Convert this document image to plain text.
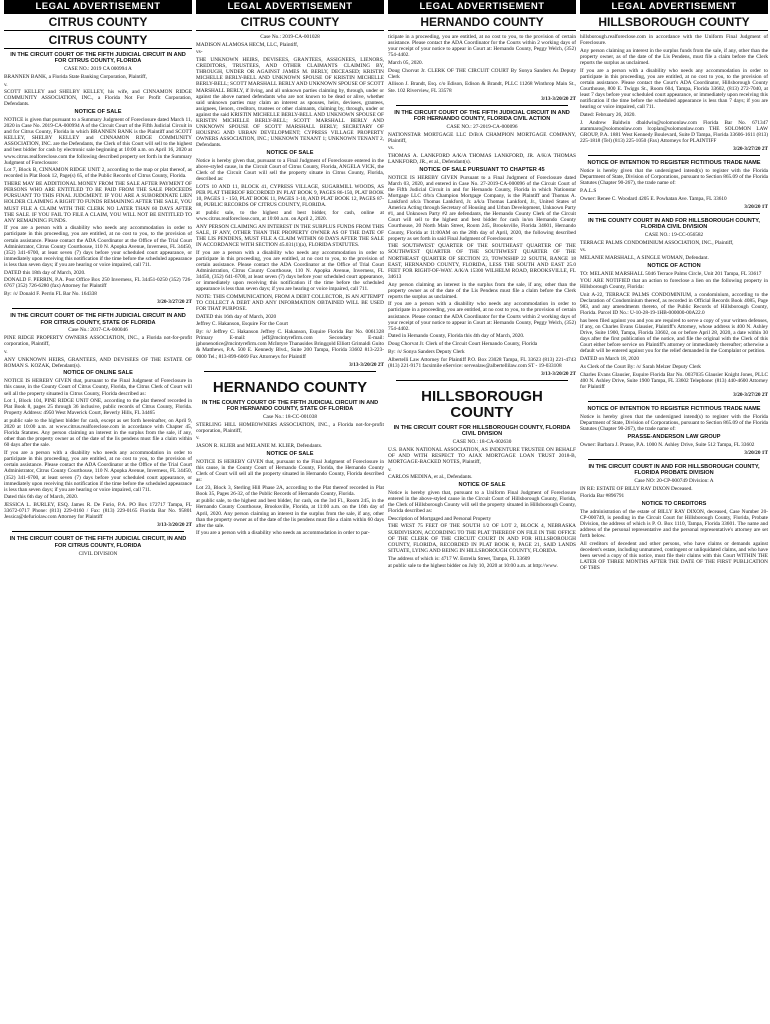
LEGAL ADVERTISEMENT
CITRUS COUNTY
CITRUS COUNTY

IN THE CIRCUIT COURT OF THE FIFTH JUDICIAL CIRCUIT IN AND FOR CITRUS COUNTY, FLORIDA

CASE NO.: 2019 CA 000994 A

BRANNEN BANK, a Florida State Banking Corporation, Plaintiff,

v.

SCOTT KELLEY and SHELBY KELLEY, his wife, and CINNAMON RIDGE COMMUNITY ASSOCIATION, INC., a Florida Not For Profit Corporation, Defendants.

NOTICE OF SALE

NOTICE is given that pursuant to a Summary Judgment of Foreclosure dated March 11, 2020 in Case No. 2019-CA-000994 A of the Circuit Court of the Fifth Judicial Circuit in and for Citrus County, Florida in which BRANNEN BANK is the Plaintiff and SCOTT KELLEY, SHELBY KELLEY and CINNAMON RIDGE COMMUNITY ASSOCIATION, INC. are the Defendants, the Clerk of this Court will sell to the highest and best bidder for cash by electronic sale beginning at 10:00 a.m. on April 16, 2020 at www.citrus.realforeclose.com the following described property set forth in the Summary Judgment of Foreclosure:

Lot 7, Block B, CINNAMON RIDGE UNIT 2, according to the map or plat thereof, as recorded in Plat Book 12, Page(s) 65, of the Public Records of Citrus County, Florida.

THERE MAY BE ADDITIONAL MONEY FROM THE SALE AFTER PAYMENT OF PERSONS WHO ARE ENTITLED TO BE PAID FROM THE SALE PROCEEDS PURSUANT TO THIS FINAL JUDGMENT. IF YOU ARE A SUBORDINATE LIEN HOLDER CLAIMING A RIGHT TO FUNDS REMAINING AFTER THE SALE, YOU MUST FILE A CLAIM WITH THE CLERK NO LATER THAN 60 DAYS AFTER THE SALE. IF YOU FAIL TO FILE A CLAIM, YOU WILL NOT BE ENTITLED TO ANY REMAINING FUNDS.

If you are a person with a disability who needs any accommodation in order to participate in this proceeding, you are entitled, at no cost to you, to the provision of certain assistance. Please contact the ADA Coordinator at the Office of the Trial Court Administrator, Citrus County Courthouse, 110 N. Apopka Avenue, Inverness, FL 34450, (352) 341-6700, at least seven (7) days before your scheduled court appearance, or immediately upon receiving this notification if the time before the scheduled appearance is less than seven days; if you are hearing or voice impaired, call 711.

DATED this 18th day of March, 2020.

DONALD F. PERRIN, P.A. Post Office Box 250 Inverness, FL 34451-0250 (352) 726-6767 (352) 726-6280 (fax) Attorney for Plaintiff

By: /s/ Donald F. Perrin FL Bar No. 164338

3/20-3/27/20 2T

IN THE CIRCUIT COURT OF THE FIFTH JUDICIAL CIRCUIT IN AND FOR CITRUS COUNTY, STATE OF FLORIDA

Case No.: 2017-CA-000046

PINE RIDGE PROPERTY OWNERS ASSOCIATION, INC., a Florida not-for-profit corporation, Plaintiff,

v.

ANY UNKNOWN HEIRS, GRANTEES, AND DEVISEES OF THE ESTATE OF ROMAN S. KOZAK, Defendant(s).

NOTICE OF ONLINE SALE

NOTICE IS HEREBY GIVEN that, pursuant to the Final Judgment of Foreclosure in this cause, in the County Court of Citrus County, Florida, the Citrus Clerk of Court will sell all the property situated in Citrus County, Florida described as:

Lot 1, Block 104, PINE RIDGE UNIT ONE, according to the plat thereof recorded in Plat Book 8, pages 25 through 36 inclusive, public records of Citrus County, Florida. Property Address: 4950 West Maverick Court, Beverly Hills, FL 34465

at public sale to the highest bidder for cash, except as set forth hereinafter, on April 9, 2020 at 10:00 a.m. at www.citrus.realforeclose.com in accordance with Chapter 45, Florida Statutes. Any person claiming an interest in the surplus from the sale, if any, other than the property owner as of the date of the lis pendens must file a claim within 60 days after the sale.

If you are a person with a disability who needs any accommodation in order to participate in this proceeding, you are entitled, at no cost to you, to the provision of certain assistance. Please contact the ADA Coordinator at the Office of the Trial Court Administrator, Citrus County Courthouse, 110 N. Apopka Avenue, Inverness, FL 34450, (352) 341-6700, at least seven (7) days before your scheduled court appearance, or immediately upon receiving this notification if the time before the scheduled appearance is less than seven days; if you are hearing or voice impaired, call 711.

Dated this 6th day of March, 2020.

JESSICA L. BURLEY, ESQ. James R. De Furio, P.A. PO Box 172717 Tampa, FL 33672-0717 Phone: (813) 229-0160 / Fax: (813) 229-0165 Florida Bar No. 95801 Jessica@defuriolaw.com Attorney for Plaintiff

3/13-3/20/20 2T

IN THE CIRCUIT COURT OF THE FIFTH JUDICIAL CIRCUIT, IN AND FOR CITRUS COUNTY, FLORIDA

CIVIL DIVISION

LEGAL ADVERTISEMENT
CITRUS COUNTY

Case No.: 2019-CA-001028

MADISON ALAMOSA HECM, LLC, Plaintiff,

vs-

THE UNKNOWN HEIRS, DEVISEES, GRANTEES, ASSIGNEES, LIENORS, CREDITORS, TRUSTEES, AND OTHER CLAIMANTS CLAIMING BY, THROUGH, UNDER OR AGAINST JAMES M. BERLY, DECEASED; KRISTIN MICHELLE BERLY-BELL AND UNKNOWN SPOUSE OF KRISTIN MICHELLE BERLY-BELL; SCOTT MARSHALL BERLY AND UNKNOWN SPOUSE OF SCOTT MARSHALL BERLY, if living, and all unknown parties claiming by, through, under or against the above named defendants who are not known to be dead or alive, whether said unknown parties may claim an interest as spouses, heirs, devisees, grantees, assignees, lienors, creditors, trustees or other claimants, claiming by, through, under or against the said KRISTIN MICHELLE BERLY-BELL AND UNKNOWN SPOUSE OF KRISTIN MICHELLE BERLY-BELL; SCOTT MARSHALL BERLY AND UNKNOWN SPOUSE OF SCOTT MARSHALL BERLY; SECRETARY OF HOUSING AND URBAN DEVELOPMENT; CYPRESS VILLAGE PROPERTY OWNERS ASSOCIATION, INC.; UNKNOWN TENANT 1; UNKNOWN TENANT 2, Defendants.

NOTICE OF SALE

Notice is hereby given that, pursuant to a Final Judgment of Foreclosure entered in the above-styled cause, in the Circuit Court of Citrus County, Florida, ANGELA VICK, the Clerk of the Circuit Court will sell the property situate in Citrus County, Florida, described as:

LOTS 10 AND 11, BLOCK 41, CYPRESS VILLAGE, SUGARMILL WOODS, AS PER PLAT THEREOF RECORDED IN PLAT BOOK 9, PAGES 86-150, PLAT BOOK 10, PAGES 1 - 150, PLAT BOOK 11, PAGES 1-10, AND PLAT BOOK 12, PAGES 87-88, PUBLIC RECORDS OF CITRUS COUNTY, FLORIDA.

at public sale, to the highest and best bidder, for cash, online at www.citrus.realforeclose.com, at 10:00 a.m. on April 2, 2020.

ANY PERSON CLAIMING AN INTEREST IN THE SURPLUS FUNDS FROM THIS SALE, IF ANY, OTHER THAN THE PROPERTY OWNER AS OF THE DATE OF THE LIS PENDENS, MUST FILE A CLAIM WITHIN 60 DAYS AFTER THE SALE IN ACCORDANCE WITH SECTION 45.031(1)(a), FLORIDA STATUTES.

If you are a person with a disability who needs any accommodation in order to participate in this proceeding, you are entitled, at no cost to you, to the provision of certain assistance. Please contact the ADA Coordinator at the Office of Trial Court Administration, Citrus County Courthouse, 110 N. Apopka Avenue, Inverness, FL 34450, (352) 641-6700, at least seven (7) days before your scheduled court appearance, or immediately upon receiving this notification if the time before the scheduled appearance is less than seven days; if you are hearing or voice impaired, call 711.

NOTE: THIS COMMUNICATION, FROM A DEBT COLLECTOR, IS AN ATTEMPT TO COLLECT A DEBT AND ANY INFORMATION OBTAINED WILL BE USED FOR THAT PURPOSE.

DATED this 16th day of March, 2020

Jeffrey C. Hakanson, Esquire For the Court

By: /s/ Jeffrey C. Hakanson Jeffrey C. Hakanson, Esquire Florida Bar No. 0061328 Primary E-mail: jeff@mcintyrefirm.com Secondary E-mail: jphonenotice@mcintyrefirm.com McIntyre Thanasides Bringgold Elliott Grimaldi Guito & Matthews, P.A. 500 E. Kennedy Blvd., Suite 200 Tampa, Florida 33602 813-223-0000 Tel.; 813-899-6069 Fax Attorneys for Plaintiff

3/13-3/20/20 2T

HERNANDO COUNTY

IN THE COUNTY COURT OF THE FIFTH JUDICIAL CIRCUIT IN AND FOR HERNANDO COUNTY, STATE OF FLORIDA

Case No.: 18-CC-001038

STERLING HILL HOMEOWNERS ASSOCIATION, INC., a Florida not-for-profit corporation, Plaintiff,

v.

JASON R. KLIER and MELANIE M. KLIER, Defendants.

NOTICE OF SALE

NOTICE IS HEREBY GIVEN that, pursuant to the Final Judgment of Foreclosure in this cause, in the County Court of Hernando County, Florida, the Hernando County Clerk of Court will sell all the property situated in Hernando County, Florida described as:

Lot 23, Block 3, Sterling Hill Phase 2A, according to the Plat thereof recorded in Plat Book 35, Pages 26-32, of the Public Records of Hernando County, Florida.

at public sale, to the highest and best bidder, for cash, on the 3rd Fl., Room 245, in the Hernando County Courthouse, Brooksville, Florida, at 11:00 a.m. on the 16th day of April, 2020. Any person claiming an interest in the surplus from the sale, if any, other than the property owner as of the date of the lis pendens must file a claim within 60 days after the sale.

If you are a person with a disability who needs an accommodation in order to par-

LEGAL ADVERTISEMENT
HERNANDO COUNTY

ticipate in a proceeding, you are entitled, at no cost to you, to the provision of certain assistance. Please contact the ADA Coordinator for the Courts within 2 working days of your receipt of your notice to appear in Court at: Hernando County, Peggy Welch, (352) 754-4402.

March 05, 2020.

Doug Chorvat Jr. CLERK OF THE CIRCUIT COURT By Sonya Sanders As Deputy Clerk

Allison J. Brandt, Esq. c/o Edison, Edison & Brandt, PLLC 11268 Winthrop Main St., Ste. 102 Riverview, FL 33578

3/13-3/20/20 2T

IN THE CIRCUIT COURT OF THE FIFTH JUDICIAL CIRCUIT IN AND FOR HERNANDO COUNTY, FLORIDA CIVIL ACTION

CASE NO.: 27-2019-CA-000096

NATIONSTAR MORTGAGE LLC D/B/A CHAMPION MORTGAGE COMPANY, Plaintiff,

vs.

THOMAS A. LANKFORD A/K/A THOMAS LANKFORD, JR. A/K/A THOMAS LANKFORD, JR., et al., Defendant(s).

NOTICE OF SALE PURSUANT TO CHAPTER 45

NOTICE IS HEREBY GIVEN Pursuant to a Final Judgment of Foreclosure dated March 03, 2020, and entered in Case No. 27-2019-CA-000096 of the Circuit Court of the Fifth Judicial Circuit in and for Hernando County, Florida in which Nationstar Mortgage LLC d/b/a Champion Mortgage Company, is the Plaintiff and Thomas A. Lankford a/k/a Thomas Lankford, Jr. a/k/a Thomas Lankford, Jr., United States of America Acting through Secretary of Housing and Urban Development, Unknown Party #1, and Unknown Party #2 are defendants, the Hernando County Clerk of the Circuit Court will sell to the highest and best bidder for cash in/on Hernando County Courthouse, 20 North Main Street, Room 245, Brooksville, Florida 34601, Hernando County, Florida at 11:00AM on the 28th day of April, 2020, the following described property as set forth in said Final Judgment of Foreclosure:

THE SOUTHWEST QUARTER OF THE SOUTHEAST QUARTER OF THE SOUTHWEST QUARTER OF THE SOUTHWEST QUARTER OF THE NORTHEAST QUARTER OF SECTION 23, TOWNSHIP 22 SOUTH, RANGE 18 EAST, HERNANDO COUNTY, FLORIDA, LESS THE SOUTH AND EAST 25.0 FEET FOR RIGHT-OF-WAY. A/K/A 15300 WILHELM ROAD, BROOKSVILLE, FL 34613

Any person claiming an interest in the surplus from the sale, if any, other than the property owner as of the date of the Lis Pendens must file a claim before the Clerk reports the surplus as unclaimed.

If you are a person with a disability who needs any accommodation in order to participate in a proceeding, you are entitled, at no cost to you, to the provision of certain assistance. Please contact the ADA Coordinator for the Courts within 2 working days of your receipt of your notice to appear in Court at: Hernando County, Peggy Welch, (352) 754-4402.

Dated in Hernando County, Florida this 4th day of March, 2020.

Doug Chorvat Jr. Clerk of the Circuit Court Hernando County, Florida

By: /s/ Sonya Sanders Deputy Clerk

Albertelli Law Attorney for Plaintiff P.O. Box 23028 Tampa, FL 33623 (813) 221-4743 (813) 221-9171 facsimile eService: servealaw@albertellilaw.com ST - 19-033108

3/13-3/20/20 2T

HILLSBOROUGH COUNTY

IN THE CIRCUIT COURT FOR HILLSBOROUGH COUNTY, FLORIDA CIVIL DIVISION

CASE NO.: 18-CA-002630

U.S. BANK NATIONAL ASSOCIATION, AS INDENTURE TRUSTEE ON BEHALF OF AND WITH RESPECT TO AJAX MORTGAGE LOAN TRUST 2018-B, MORTGAGE-BACKED NOTES, Plaintiff,

v.

CARLOS MEDINA, et al., Defendants.

NOTICE OF SALE

Notice is hereby given that, pursuant to a Uniform Final Judgment of Foreclosure entered in the above-styled cause in the Circuit Court of Hillsborough County, Florida, the Clerk of Hillsborough County will sell the property situated in Hillsborough County, Florida described as:

Description of Mortgaged and Personal Property

THE WEST 75 FEET OF THE SOUTH 1/2 OF LOT 2, BLOCK 4, NEBRASKA SUBDIVISION, ACCORDING TO THE PLAT THEREOF ON FILE IN THE OFFICE OF THE CLERK OF THE CIRCUIT COURT IN AND FOR HILLSBOROUGH COUNTY, FLORIDA, RECORDED IN PLAT BOOK 8, PAGE 21, SAID LANDS SITUATE, LYING AND BEING IN HILLSBOROUGH COUNTY, FLORIDA.

The address of which is: 4717 W. Estrella Street, Tampa, FL 33609

at public sale to the highest bidder on July 10, 2020 at 10:00 a.m. at http://www.

LEGAL ADVERTISEMENT
HILLSBOROUGH COUNTY

hillsborough.realforeclose.com in accordance with the Uniform Final Judgment of Foreclosure.

Any person claiming an interest in the surplus funds from the sale, if any, other than the property owner, as of the date of the Lis Pendens, must file a claim before the Clerk reports the surplus as unclaimed.

If you are a person with a disability who needs any accommodation in order to participate in this proceeding, you are entitled, at no cost to you, to the provision of certain assistance. Please contact the Court's ADA Coordinator, Hillsborough County Courthouse, 800 E. Twiggs St., Room 604, Tampa, Florida 33602, (813) 272-7040, at least 7 days before your scheduled court appearance, or immediately upon receiving this notification if the time before the scheduled appearance is less than 7 days; if you are hearing or voice impaired, call 711.

Dated: February 26, 2020.

J. Andrew Baldwin dbaldwin@solomonlaw.com Florida Bar No. 671347 atammaro@solomonlaw.com lcoplan@solomonlaw.com THE SOLOMON LAW GROUP, P.A. 1881 West Kennedy Boulevard, Suite D Tampa, Florida 33606-1611 (813) 225-1818 (Tel) (813) 225-1050 (Fax) Attorneys for PLAINTIFF

3/20-3/27/20 2T

NOTICE OF INTENTION TO REGISTER FICTITIOUS TRADE NAME

Notice is hereby given that the undersigned intend(s) to register with the Florida Department of State, Division of Corporations, pursuant to Section 865.09 of the Florida Statutes (Chapter 90-267), the trade name of:

P.A.L.S

Owner: Renee C. Woodard 4205 E. Powhatan Ave. Tampa, FL 33610

3/20/20 1T

IN THE COUNTY COURT IN AND FOR HILLSBOROUGH COUNTY, FLORIDA CIVIL DIVISION

CASE NO.: 19-CC-056582

TERRACE PALMS CONDOMINIUM ASSOCIATION, INC., Plaintiff,

vs.

MELANIE MARSHALL, A SINGLE WOMAN, Defendant.

NOTICE OF ACTION

TO: MELANIE MARSHALL 5046 Terrace Palms Circle, Unit 201 Tampa, FL 33617

YOU ARE NOTIFIED that an action to foreclose a lien on the following property in Hillsborough County, Florida:

Unit A-22, TERRACE PALMS CONDOMINIUM, a condominium, according to the Declaration of Condominium thereof, as recorded in Official Records Book 4085, Page 983, and any amendments thereto, of the Public Records of Hillsborough County, Florida. Parcel ID No.: U-10-28-19-1HB-000000-00A22.0

has been filed against you and you are required to serve a copy of your written defenses, if any, on Charles Evans Glausier, Plaintiff's Attorney, whose address is 400 N. Ashley Drive, Suite 1900, Tampa, Florida 33602, on or before April 28, 2020, a date within 30 days after the first publication of the notice, and file the original with the Clerk of this Court either before service on Plaintiff's attorney or immediately thereafter; otherwise a default will be entered against you for the relief demanded in the Complaint or petition.

DATED on March 18, 2020

As Clerk of the Court By: /s/ Sarah Melzer Deputy Clerk

Charles Evans Glausier, Esquire Florida Bar No. 0037035 Glausier Knight Jones, PLLC 400 N. Ashley Drive, Suite 1900 Tampa, FL 33602 Telephone: (813) 440-4600 Attorney for Plaintiff

3/20-3/27/20 2T

NOTICE OF INTENTION TO REGISTER FICTITIOUS TRADE NAME

Notice is hereby given that the undersigned intend(s) to register with the Florida Department of State, Division of Corporations, pursuant to Section 865.09 of the Florida Statutes (Chapter 90-267), the trade name of:

PRASSE-ANDERSON LAW GROUP

Owner: Barbara J. Prasse, P.A. 1000 N. Ashley Drive, Suite 512 Tampa, FL 33602

3/20/20 1T

IN THE CIRCUIT COURT IN AND FOR HILLSBOROUGH COUNTY, FLORIDA PROBATE DIVISION

Case NO: 20-CP-000749 Division: A

IN RE: ESTATE OF BILLY RAY DIXON Deceased.

Florida Bar #896791

NOTICE TO CREDITORS

The administration of the estate of BILLY RAY DIXON, deceased, Case Number 20-CP-000749, is pending in the Circuit Court for Hillsborough County, Florida, Probate Division, the address of which is P. O. Box 1110, Tampa, Florida 33601. The name and address of the personal representative and the personal representative's attorney are set forth below.

All creditors of decedent and other persons, who have claims or demands against decedent's estate, including unmatured, contingent or unliquidated claims, and who have been served a copy of this notice, must file their claims with this Court WITHIN THE LATER OF THREE MONTHS AFTER THE DATE OF THE FIRST PUBLICATION OF THIS
